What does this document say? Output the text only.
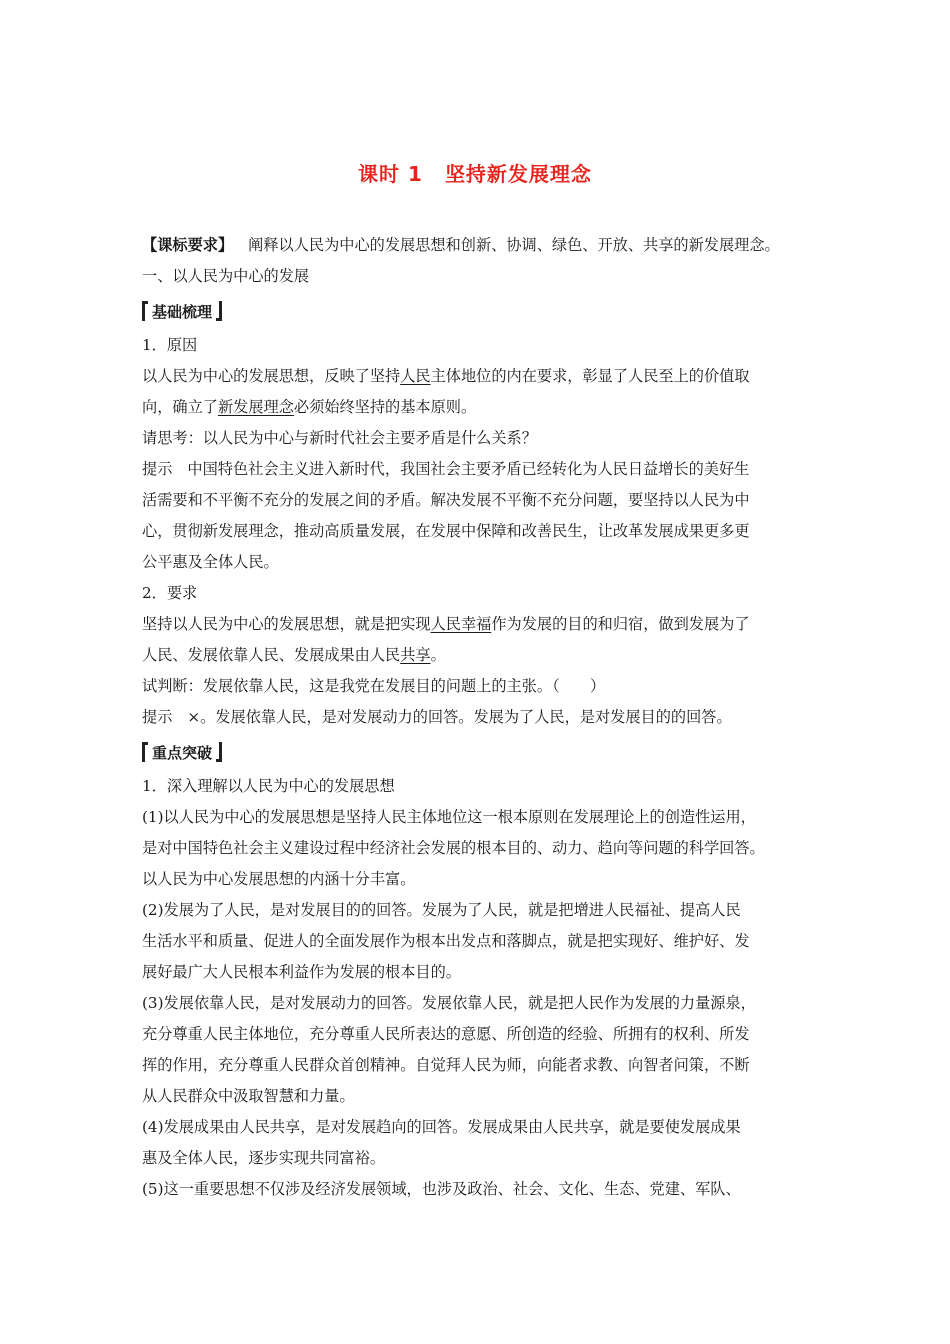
课时 1 坚持新发展理念
【课标要求】 阐释以人民为中心的发展思想和创新、协调、绿色、开放、共享的新发展理念。
一、以人民为中心的发展
基础梳理
1．原因
以人民为中心的发展思想，反映了坚持人民主体地位的内在要求，彰显了人民至上的价值取
向，确立了新发展理念必须始终坚持的基本原则。
请思考：以人民为中心与新时代社会主要矛盾是什么关系？
提示 中国特色社会主义进入新时代，我国社会主要矛盾已经转化为人民日益增长的美好生
活需要和不平衡不充分的发展之间的矛盾。解决发展不平衡不充分问题，要坚持以人民为中
心，贯彻新发展理念，推动高质量发展，在发展中保障和改善民生，让改革发展成果更多更
公平惠及全体人民。
2．要求
坚持以人民为中心的发展思想，就是把实现人民幸福作为发展的目的和归宿，做到发展为了
人民、发展依靠人民、发展成果由人民共享。
试判断：发展依靠人民，这是我党在发展目的问题上的主张。（　　）
提示 ×。发展依靠人民，是对发展动力的回答。发展为了人民，是对发展目的的回答。
重点突破
1．深入理解以人民为中心的发展思想
(1)以人民为中心的发展思想是坚持人民主体地位这一根本原则在发展理论上的创造性运用，
是对中国特色社会主义建设过程中经济社会发展的根本目的、动力、趋向等问题的科学回答。
以人民为中心发展思想的内涵十分丰富。
(2)发展为了人民，是对发展目的的回答。发展为了人民，就是把增进人民福祉、提高人民
生活水平和质量、促进人的全面发展作为根本出发点和落脚点，就是把实现好、维护好、发
展好最广大人民根本利益作为发展的根本目的。
(3)发展依靠人民，是对发展动力的回答。发展依靠人民，就是把人民作为发展的力量源泉，
充分尊重人民主体地位，充分尊重人民所表达的意愿、所创造的经验、所拥有的权利、所发
挥的作用，充分尊重人民群众首创精神。自觉拜人民为师，向能者求教、向智者问策，不断
从人民群众中汲取智慧和力量。
(4)发展成果由人民共享，是对发展趋向的回答。发展成果由人民共享，就是要使发展成果
惠及全体人民，逐步实现共同富裕。
(5)这一重要思想不仅涉及经济发展领域，也涉及政治、社会、文化、生态、党建、军队、
